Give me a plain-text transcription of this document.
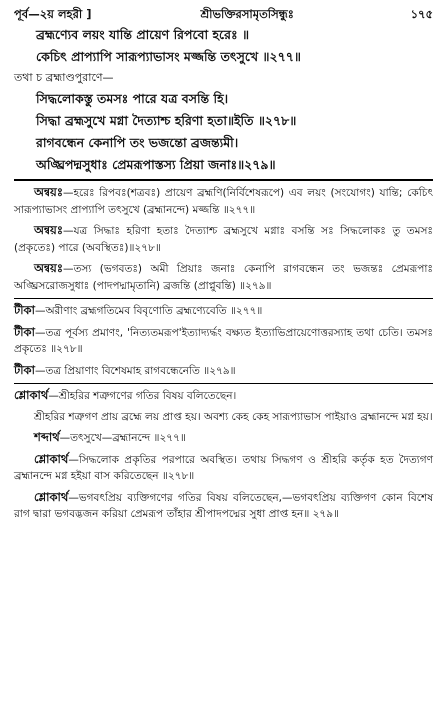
পূর্ব—২য় লহরী ]	শ্রীভক্তিরসামৃতসিন্ধুঃ	১৭৫
ব্রহ্মণ্যেব লয়ং যান্তি প্রায়েণ রিপবো হরেঃ ॥
কেচিৎ প্রাপ্যাপি সারূপ্যাভাসং মজ্জন্তি তৎসুখে ॥২৭৭॥
তথা চ ব্রহ্মাণ্ডপুরাণে—
সিদ্ধলোকস্তু তমসঃ পারে যত্র বসন্তি হি।
সিদ্ধা ব্রহ্মসুখে মগ্না দৈত্যাশ্চ হরিণা হতা॥ইতি ॥২৭৮॥
রাগবন্ধেন কেনাপি তং ভজন্তো ব্রজন্ত্যমী।
অঙ্ঘ্রিপদ্মসুধাঃ প্রেমরূপাস্তস্য প্রিয়া জনাঃ॥২৭৯॥

অন্বয়ঃ—হরেঃ রিপবঃ(শত্রবঃ) প্রায়েণ ব্রহ্মণি(নির্বিশেষরূপে) এব লয়ং (সংযোগং) যান্তি; কেচিৎ সারূপ্যাভাসং প্রাপ্যাপি তৎসুখে (ব্রহ্মানন্দে) মজ্জন্তি ॥২৭৭॥

অন্বয়ঃ—যত্র সিদ্ধাঃ হরিণা হতাঃ দৈত্যাশ্চ ব্রহ্মসুখে মগ্নাঃ বসন্তি সঃ সিদ্ধলোকঃ তু তমসঃ (প্রকৃতেঃ) পারে (অবস্থিতঃ)॥২৭৮॥

অন্বয়ঃ—তস্য (ভগবতঃ) অমী প্রিয়াঃ জনাঃ কেনাপি রাগবন্ধেন তং ভজন্তঃ প্রেমরূপাঃ অঙ্ঘ্রিসরোজসুধাঃ (পাদপদ্মামৃতানি) ব্রজন্তি (প্রাপ্নুবন্তি) ॥২৭৯॥

টীকা—অরীণাং ব্রহ্মগতিমেব বিবৃণোতি ব্রহ্মণ্যেবেতি ॥২৭৭॥

টীকা—তত্র পূর্বস্য প্রমাণং, 'নিত্যতমরূপ'ইত্যাদ্যর্দ্ধং বক্ষ্যত ইত্যাভিপ্রায়েণোত্তরস্যাহ তথা চেতি। তমসঃ প্রকৃতেঃ ॥২৭৮॥

টীকা—তত্র প্রিয়াণাং বিশেষমাহ রাগবন্ধেনেতি ॥২৭৯॥

শ্লোকার্থ—শ্রীহরির শত্রুগণের গতির বিষয় বলিতেছেন।

শ্রীহরির শত্রুগণ প্রায় ব্রহ্মে লয় প্রাপ্ত হয়। অবশ্য কেহ কেহ সারূপ্যাভাস পাইয়াও ব্রহ্মানন্দে মগ্ন হয়।

শব্দার্থ—তৎসুখে—ব্রহ্মানন্দে ॥২৭৭॥

শ্লোকার্থ—সিদ্ধলোক প্রকৃতির পরপারে অবস্থিত। তথায় সিদ্ধগণ ও শ্রীহরি কর্তৃক হত দৈত্যগণ ব্রহ্মানন্দে মগ্ন হইয়া বাস করিতেছেন ॥২৭৮॥

শ্লোকার্থ—ভগবৎপ্রিয় ব্যক্তিগণের গতির বিষয় বলিতেছেন,—ভগবৎপ্রিয় ব্যক্তিগণ কোন বিশেষ রাগ দ্বারা ভগবদ্ভজন করিয়া প্রেমরূপ তাঁহার শ্রীপাদপদ্মের সুধা প্রাপ্ত হন॥ ২৭৯॥
